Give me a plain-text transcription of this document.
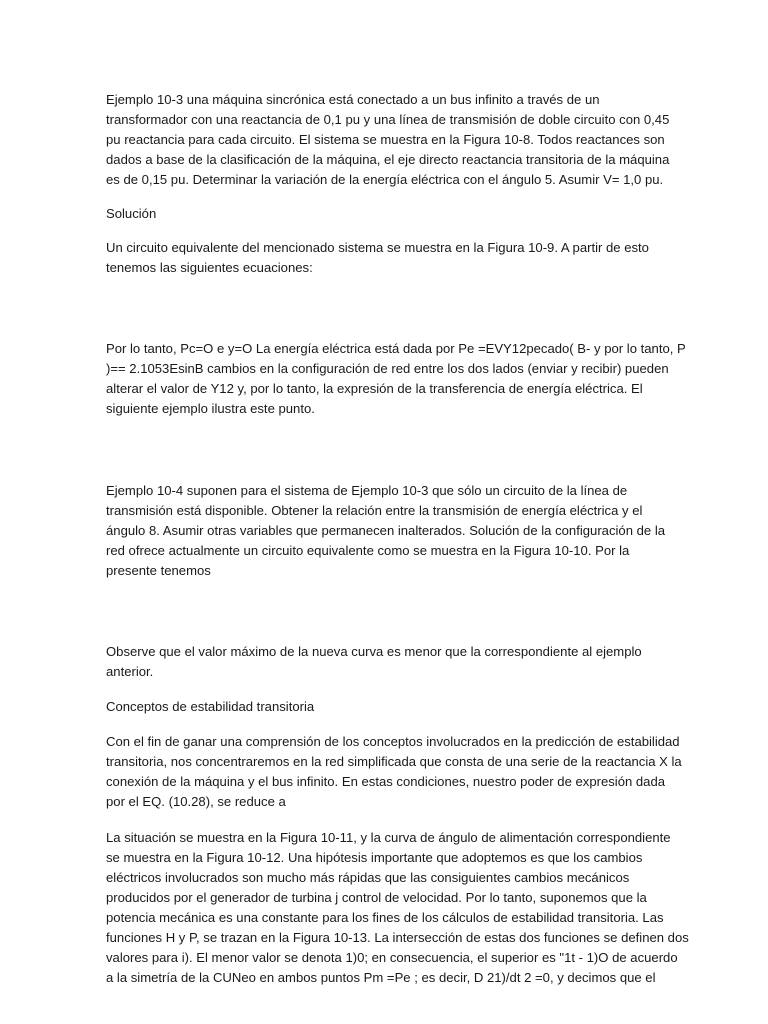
Ejemplo 10-3 una máquina sincrónica está conectado a un bus infinito a través de un
transformador con una reactancia de 0,1 pu y una línea de transmisión de doble circuito con 0,45
pu reactancia para cada circuito. El sistema se muestra en la Figura 10-8. Todos reactances son
dados a base de la clasificación de la máquina, el eje directo reactancia transitoria de la máquina
es de 0,15 pu. Determinar la variación de la energía eléctrica con el ángulo 5. Asumir V= 1,0 pu.

Solución

Un circuito equivalente del mencionado sistema se muestra en la Figura 10-9. A partir de esto
tenemos las siguientes ecuaciones:

Por lo tanto, Pc=O e y=O La energía eléctrica está dada por Pe =EVY12pecado( B- y por lo tanto, P
)== 2.1053EsinB cambios en la configuración de red entre los dos lados (enviar y recibir) pueden
alterar el valor de Y12 y, por lo tanto, la expresión de la transferencia de energía eléctrica. El
siguiente ejemplo ilustra este punto.

Ejemplo 10-4 suponen para el sistema de Ejemplo 10-3 que sólo un circuito de la línea de
transmisión está disponible. Obtener la relación entre la transmisión de energía eléctrica y el
ángulo 8. Asumir otras variables que permanecen inalterados. Solución de la configuración de la
red ofrece actualmente un circuito equivalente como se muestra en la Figura 10-10. Por la
presente tenemos

Observe que el valor máximo de la nueva curva es menor que la correspondiente al ejemplo
anterior.

Conceptos de estabilidad transitoria

Con el fin de ganar una comprensión de los conceptos involucrados en la predicción de estabilidad
transitoria, nos concentraremos en la red simplificada que consta de una serie de la reactancia X la
conexión de la máquina y el bus infinito. En estas condiciones, nuestro poder de expresión dada
por el EQ. (10.28), se reduce a

La situación se muestra en la Figura 10-11, y la curva de ángulo de alimentación correspondiente
se muestra en la Figura 10-12. Una hipótesis importante que adoptemos es que los cambios
eléctricos involucrados son mucho más rápidas que las consiguientes cambios mecánicos
producidos por el generador de turbina j control de velocidad. Por lo tanto, suponemos que la
potencia mecánica es una constante para los fines de los cálculos de estabilidad transitoria. Las
funciones H y P, se trazan en la Figura 10-13. La intersección de estas dos funciones se definen dos
valores para i). El menor valor se denota 1)0; en consecuencia, el superior es "1t - 1)O de acuerdo
a la simetría de la CUNeo en ambos puntos Pm =Pe ; es decir, D 21)/dt 2 =0, y decimos que el
